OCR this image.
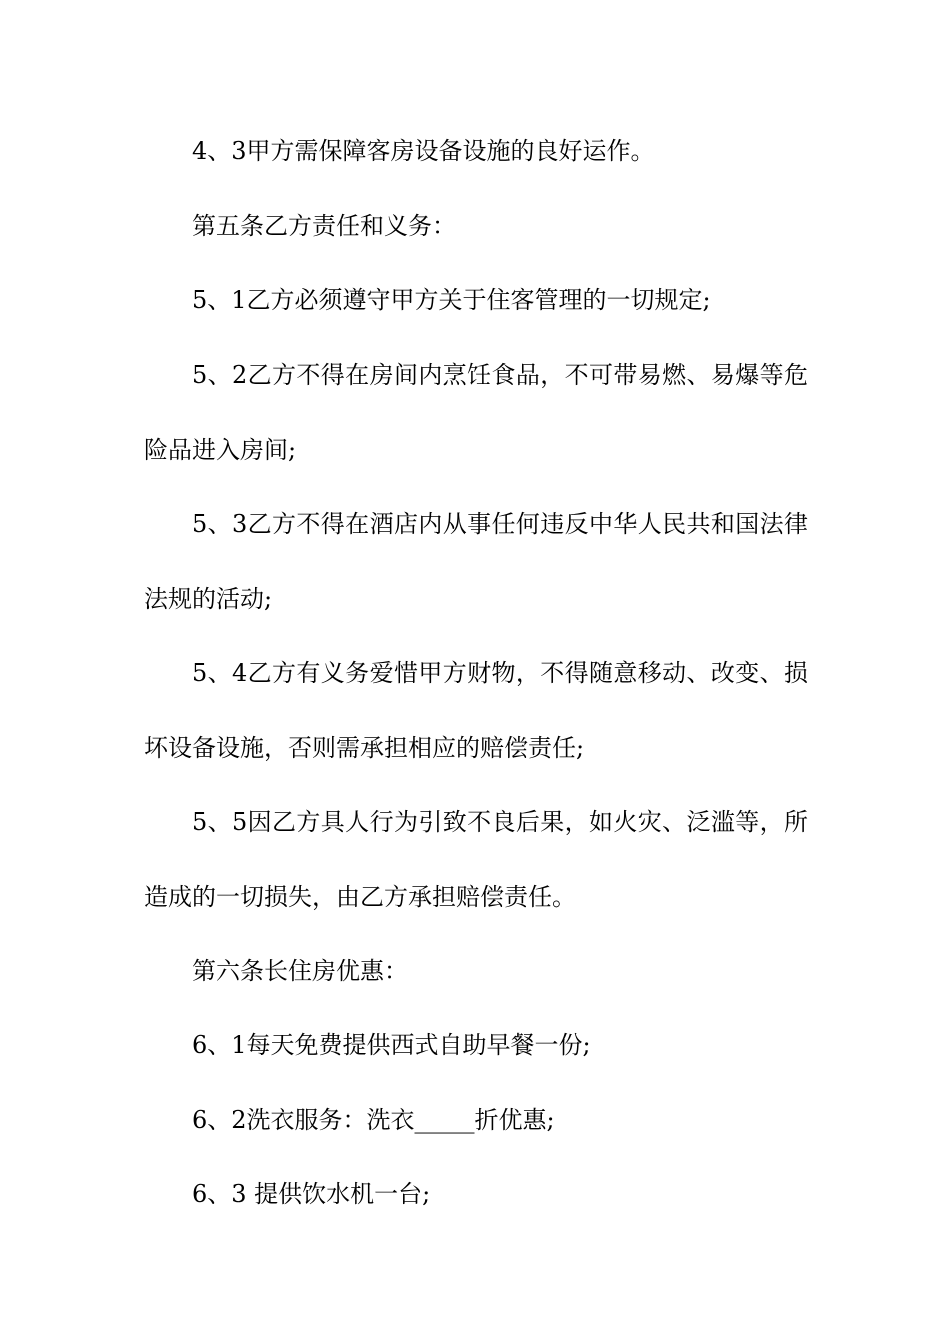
4、3甲方需保障客房设备设施的良好运作。

第五条乙方责任和义务：

5、1乙方必须遵守甲方关于住客管理的一切规定;

5、2乙方不得在房间内烹饪食品，不可带易燃、易爆等危险品进入房间;

5、3乙方不得在酒店内从事任何违反中华人民共和国法律法规的活动;

5、4乙方有义务爱惜甲方财物，不得随意移动、改变、损坏设备设施，否则需承担相应的赔偿责任;

5、5因乙方具人行为引致不良后果，如火灾、泛滥等，所造成的一切损失，由乙方承担赔偿责任。

第六条长住房优惠：

6、1每天免费提供西式自助早餐一份;

6、2洗衣服务：洗衣_____折优惠;

6、3 提供饮水机一台;
